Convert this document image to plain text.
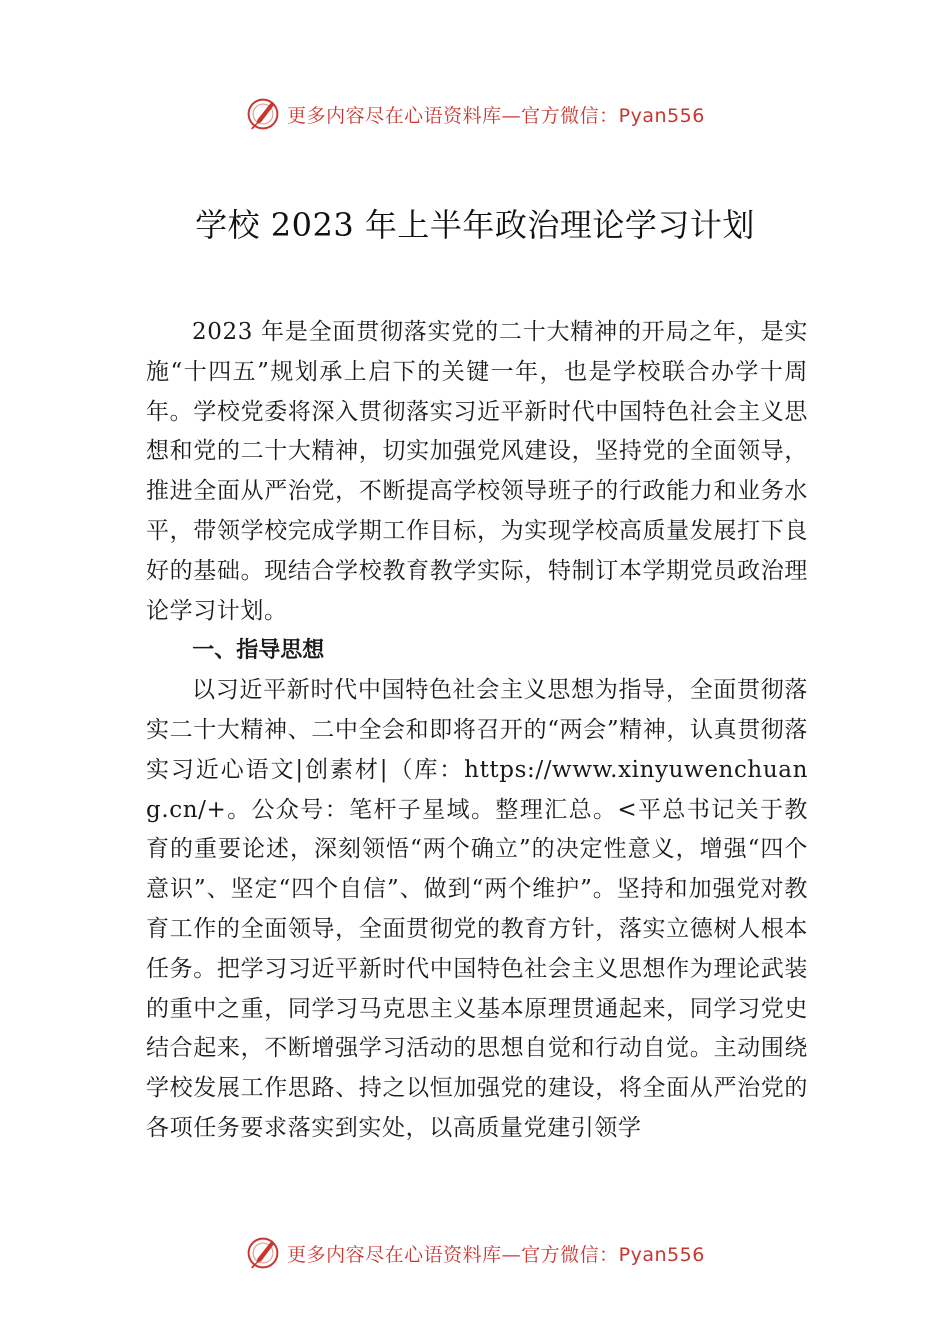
更多内容尽在心语资料库—官方微信：Pyan556
学校 2023 年上半年政治理论学习计划

2023 年是全面贯彻落实党的二十大精神的开局之年，是实施“十四五”规划承上启下的关键一年，也是学校联合办学十周年。学校党委将深入贯彻落实习近平新时代中国特色社会主义思想和党的二十大精神，切实加强党风建设，坚持党的全面领导，推进全面从严治党，不断提高学校领导班子的行政能力和业务水平，带领学校完成学期工作目标，为实现学校高质量发展打下良好的基础。现结合学校教育教学实际，特制订本学期党员政治理论学习计划。

一、指导思想

以习近平新时代中国特色社会主义思想为指导，全面贯彻落实二十大精神、二中全会和即将召开的“两会”精神，认真贯彻落实习近心语文|创素材|（库：https://www.xinyuwenchuang.cn/+。公众号：笔杆子星域。整理汇总。<平总书记关于教育的重要论述，深刻领悟“两个确立”的决定性意义，增强“四个意识”、坚定“四个自信”、做到“两个维护”。坚持和加强党对教育工作的全面领导，全面贯彻党的教育方针，落实立德树人根本任务。把学习习近平新时代中国特色社会主义思想作为理论武装的重中之重，同学习马克思主义基本原理贯通起来，同学习党史结合起来，不断增强学习活动的思想自觉和行动自觉。主动围绕学校发展工作思路、持之以恒加强党的建设，将全面从严治党的各项任务要求落实到实处，以高质量党建引领学

更多内容尽在心语资料库—官方微信：Pyan556
